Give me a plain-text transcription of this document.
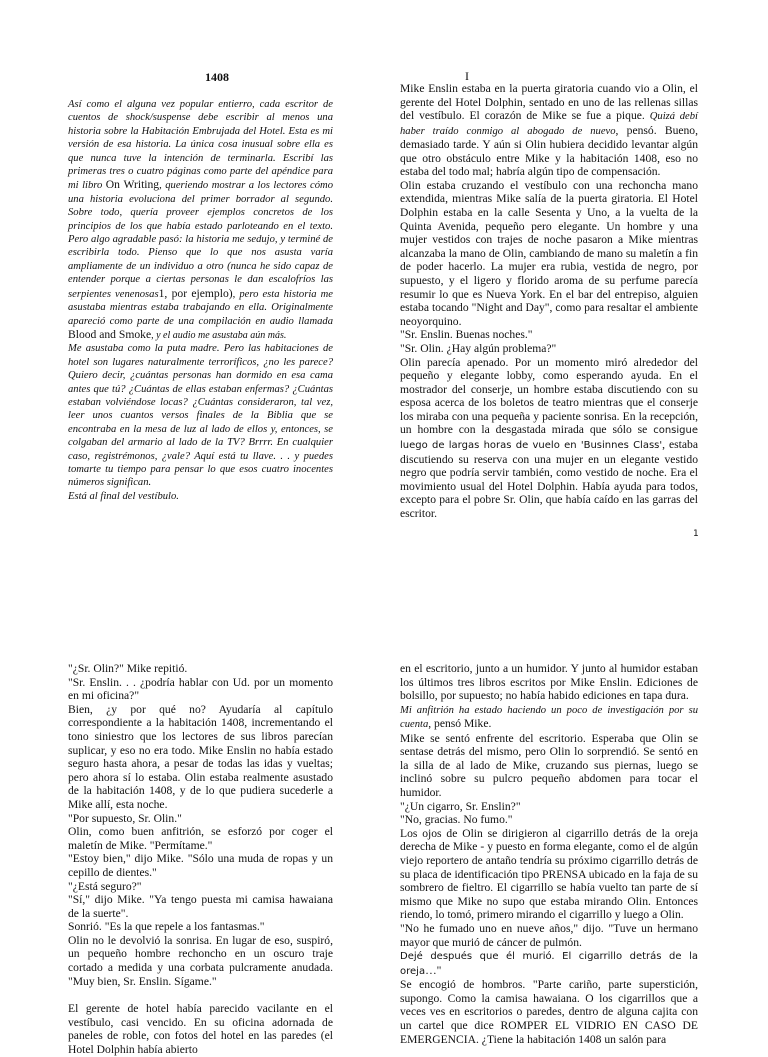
1408	I

Así como el alguna vez popular entierro, cada escritor de cuentos de shock/suspense debe escribir al menos una historia sobre la Habitación Embrujada del Hotel. Esta es mi versión de esa historia. La única cosa inusual sobre ella es que nunca tuve la intención de terminarla. Escribí las primeras tres o cuatro páginas como parte del apéndice para mi libro On Writing, queriendo mostrar a los lectores cómo una historia evoluciona del primer borrador al segundo. Sobre todo, quería proveer ejemplos concretos de los principios de los que había estado parloteando en el texto. Pero algo agradable pasó: la historia me sedujo, y terminé de escribirla todo. Pienso que lo que nos asusta varía ampliamente de un individuo a otro (nunca he sido capaz de entender porque a ciertas personas le dan escalofríos las serpientes venenosas1, por ejemplo), pero esta historia me asustaba mientras estaba trabajando en ella. Originalmente apareció como parte de una compilación en audio llamada Blood and Smoke, y el audio me asustaba aún más.

Me asustaba como la puta madre. Pero las habitaciones de hotel son lugares naturalmente terroríficos, ¿no les parece? Quiero decir, ¿cuántas personas han dormido en esa cama antes que tú? ¿Cuántas de ellas estaban enfermas? ¿Cuántas estaban volviéndose locas? ¿Cuántas consideraron, tal vez, leer unos cuantos versos finales de la Biblia que se encontraba en la mesa de luz al lado de ellos y, entonces, se colgaban del armario al lado de la TV? Brrrr. En cualquier caso, registrémonos, ¿vale? Aquí está tu llave. . . y puedes tomarte tu tiempo para pensar lo que esos cuatro inocentes números significan.

Está al final del vestíbulo.

Mike Enslin estaba en la puerta giratoria cuando vio a Olin, el gerente del Hotel Dolphin, sentado en uno de las rellenas sillas del vestíbulo. El corazón de Mike se fue a pique. Quizá debí haber traído conmigo al abogado de nuevo, pensó. Bueno, demasiado tarde. Y aún si Olin hubiera decidido levantar algún que otro obstáculo entre Mike y la habitación 1408, eso no estaba del todo mal; habría algún tipo de compensación.

Olin estaba cruzando el vestíbulo con una rechoncha mano extendida, mientras Mike salía de la puerta giratoria. El Hotel Dolphin estaba en la calle Sesenta y Uno, a la vuelta de la Quinta Avenida, pequeño pero elegante. Un hombre y una mujer vestidos con trajes de noche pasaron a Mike mientras alcanzaba la mano de Olin, cambiando de mano su maletín a fin de poder hacerlo. La mujer era rubia, vestida de negro, por supuesto, y el ligero y florido aroma de su perfume parecía resumir lo que es Nueva York. En el bar del entrepiso, alguien estaba tocando "Night and Day", como para resaltar el ambiente neoyorquino.

"Sr. Enslin. Buenas noches."

"Sr. Olin. ¿Hay algún problema?"

Olin parecía apenado. Por un momento miró alrededor del pequeño y elegante lobby, como esperando ayuda. En el mostrador del conserje, un hombre estaba discutiendo con su esposa acerca de los boletos de teatro mientras que el conserje los miraba con una pequeña y paciente sonrisa. En la recepción, un hombre con la desgastada mirada que sólo se consigue luego de largas horas de vuelo en 'Businnes Class', estaba discutiendo su reserva con una mujer en un elegante vestido negro que podría servir también, como vestido de noche. Era el movimiento usual del Hotel Dolphin. Había ayuda para todos, excepto para el pobre Sr. Olin, que había caído en las garras del escritor.

1

"¿Sr. Olin?" Mike repitió.

"Sr. Enslin. . . ¿podría hablar con Ud. por un momento en mi oficina?"

Bien, ¿y por qué no? Ayudaría al capítulo correspondiente a la habitación 1408, incrementando el tono siniestro que los lectores de sus libros parecían suplicar, y eso no era todo. Mike Enslin no había estado seguro hasta ahora, a pesar de todas las idas y vueltas; pero ahora sí lo estaba. Olin estaba realmente asustado de la habitación 1408, y de lo que pudiera sucederle a Mike allí, esta noche.

"Por supuesto, Sr. Olin."

Olin, como buen anfitrión, se esforzó por coger el maletín de Mike. "Permítame."

"Estoy bien," dijo Mike. "Sólo una muda de ropas y un cepillo de dientes."

"¿Está seguro?"

"Sí," dijo Mike. "Ya tengo puesta mi camisa hawaiana de la suerte".

Sonrió. "Es la que repele a los fantasmas."

Olin no le devolvió la sonrisa. En lugar de eso, suspiró, un pequeño hombre rechoncho en un oscuro traje cortado a medida y una corbata pulcramente anudada. "Muy bien, Sr. Enslin. Sígame."

El gerente de hotel había parecido vacilante en el vestíbulo, casi vencido. En su oficina adornada de paneles de roble, con fotos del hotel en las paredes (el Hotel Dolphin había abierto

en el escritorio, junto a un humidor. Y junto al humidor estaban los últimos tres libros escritos por Mike Enslin. Ediciones de bolsillo, por supuesto; no había habido ediciones en tapa dura.

Mi anfitrión ha estado haciendo un poco de investigación por su cuenta, pensó Mike.

Mike se sentó enfrente del escritorio. Esperaba que Olin se sentase detrás del mismo, pero Olin lo sorprendió. Se sentó en la silla de al lado de Mike, cruzando sus piernas, luego se inclinó sobre su pulcro pequeño abdomen para tocar el humidor.

"¿Un cigarro, Sr. Enslin?"

"No, gracias. No fumo."

Los ojos de Olin se dirigieron al cigarrillo detrás de la oreja derecha de Mike - y puesto en forma elegante, como el de algún viejo reportero de antaño tendría su próximo cigarrillo detrás de su placa de identificación tipo PRENSA ubicado en la faja de su sombrero de fieltro. El cigarrillo se había vuelto tan parte de sí mismo que Mike no supo que estaba mirando Olin. Entonces riendo, lo tomó, primero mirando el cigarrillo y luego a Olin.

"No he fumado uno en nueve años," dijo. "Tuve un hermano mayor que murió de cáncer de pulmón.

Dejé después que él murió. El cigarrillo detrás de la oreja…"

Se encogió de hombros. "Parte cariño, parte superstición, supongo. Como la camisa hawaiana. O los cigarrillos que a veces ves en escritorios o paredes, dentro de alguna cajita con un cartel que dice ROMPER EL VIDRIO EN CASO DE EMERGENCIA. ¿Tiene la habitación 1408 un salón para
